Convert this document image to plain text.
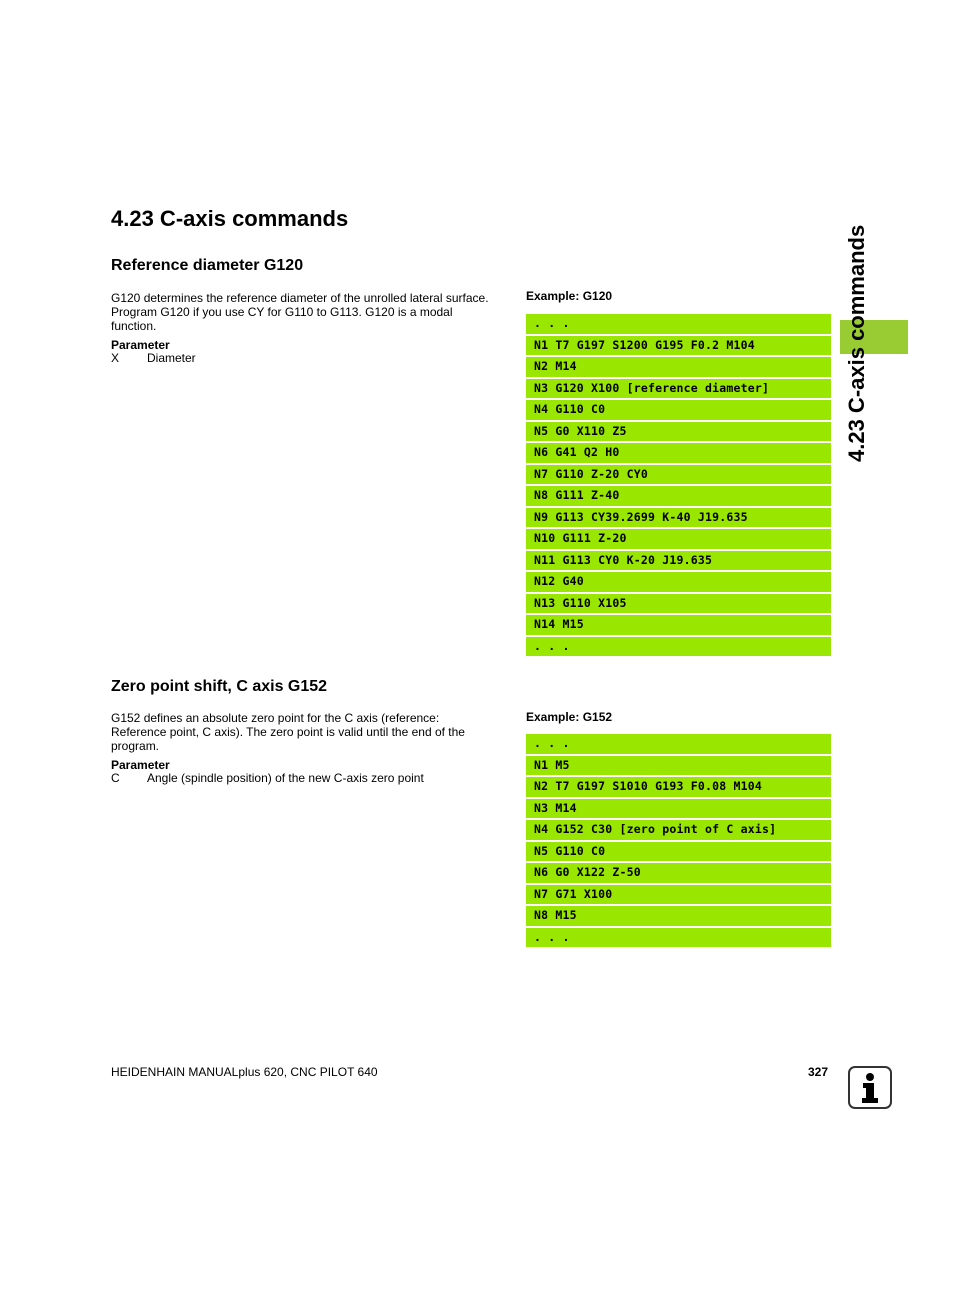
4.23 C-axis commands
Reference diameter G120
G120 determines the reference diameter of the unrolled lateral surface. Program G120 if you use CY for G110 to G113. G120 is a modal function.
Parameter
X Diameter
Example: G120
. . .
N1 T7 G197 S1200 G195 F0.2 M104
N2 M14
N3 G120 X100 [reference diameter]
N4 G110 C0
N5 G0 X110 Z5
N6 G41 Q2 H0
N7 G110 Z-20 CY0
N8 G111 Z-40
N9 G113 CY39.2699 K-40 J19.635
N10 G111 Z-20
N11 G113 CY0 K-20 J19.635
N12 G40
N13 G110 X105
N14 M15
. . .
Zero point shift, C axis G152
G152 defines an absolute zero point for the C axis (reference: Reference point, C axis). The zero point is valid until the end of the program.
Parameter
C Angle (spindle position) of the new C-axis zero point
Example: G152
. . .
N1 M5
N2 T7 G197 S1010 G193 F0.08 M104
N3 M14
N4 G152 C30 [zero point of C axis]
N5 G110 C0
N6 G0 X122 Z-50
N7 G71 X100
N8 M15
. . .
4.23 C-axis commands
HEIDENHAIN MANUALplus 620, CNC PILOT 640	327
